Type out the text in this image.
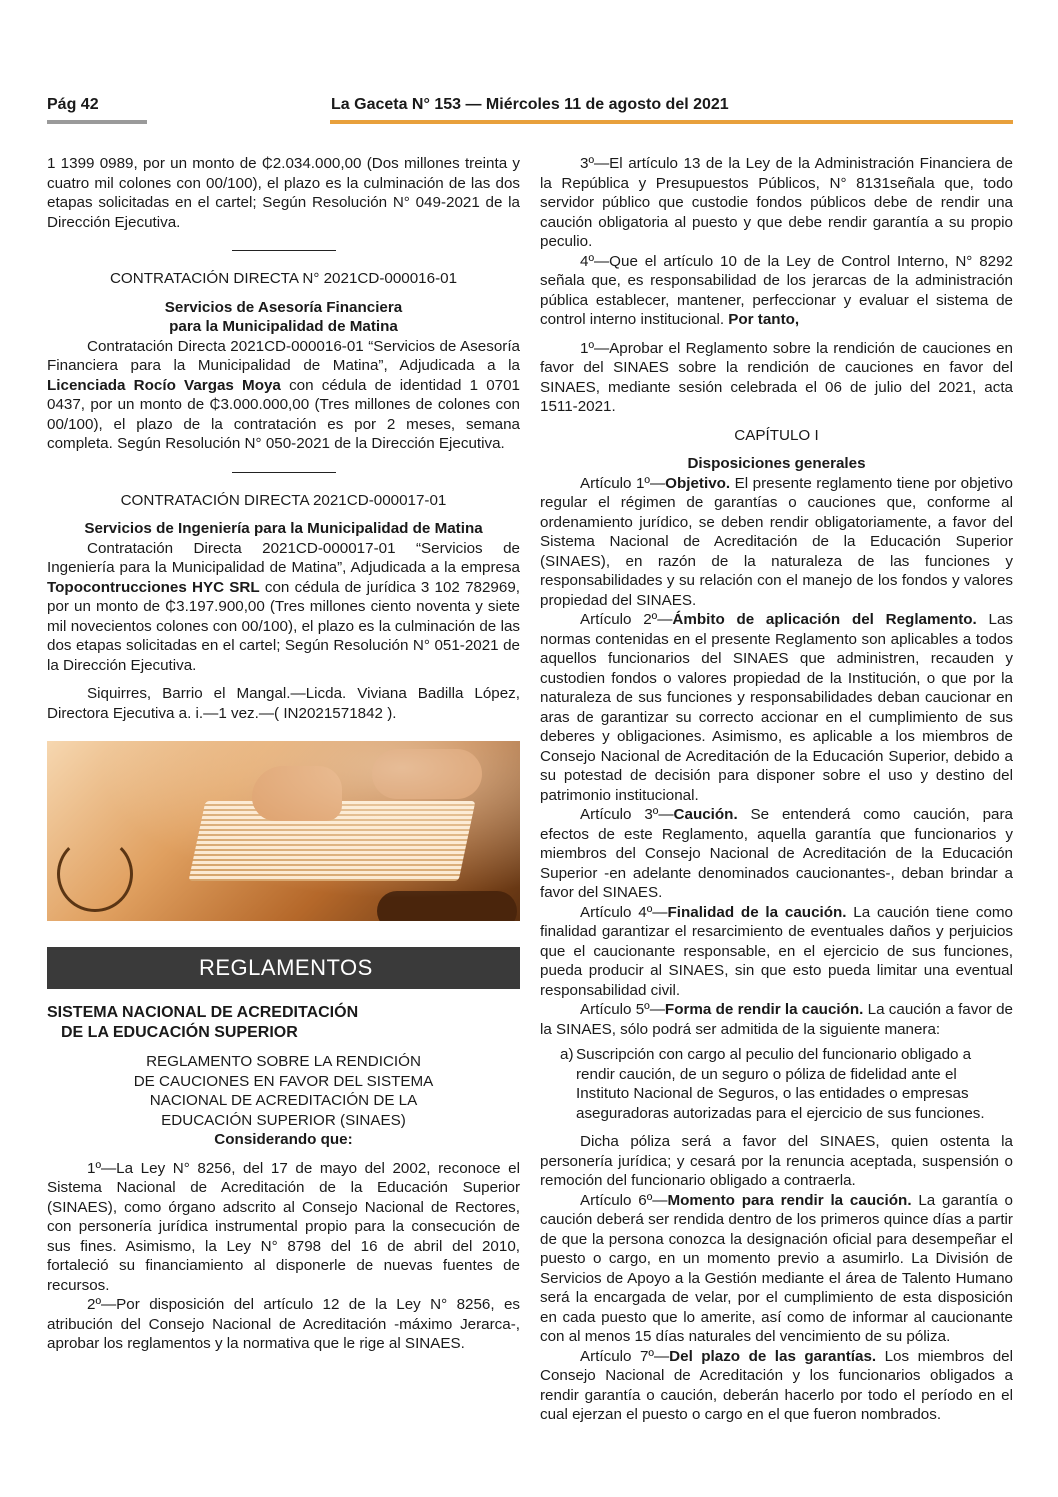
Pág 42	La Gaceta N° 153 — Miércoles 11 de agosto del 2021

1 1399 0989, por un monto de ₵2.034.000,00 (Dos millones treinta y cuatro mil colones con 00/100), el plazo es la culminación de las dos etapas solicitadas en el cartel; Según Resolución N° 049-2021 de la Dirección Ejecutiva.

CONTRATACIÓN DIRECTA N° 2021CD-000016-01

Servicios de Asesoría Financiera

para la Municipalidad de Matina

Contratación Directa 2021CD-000016-01 “Servicios de Asesoría Financiera para la Municipalidad de Matina”, Adjudicada a la Licenciada Rocío Vargas Moya con cédula de identidad 1 0701 0437, por un monto de ₵3.000.000,00 (Tres millones de colones con 00/100), el plazo de la contratación es por 2 meses, semana completa. Según Resolución N° 050-2021 de la Dirección Ejecutiva.

CONTRATACIÓN DIRECTA 2021CD-000017-01

Servicios de Ingeniería para la Municipalidad de Matina

Contratación Directa 2021CD-000017-01 “Servicios de Ingeniería para la Municipalidad de Matina”, Adjudicada a la empresa Topocontrucciones HYC SRL con cédula de jurídica 3 102 782969, por un monto de ₵3.197.900,00 (Tres millones ciento noventa y siete mil novecientos colones con 00/100), el plazo es la culminación de las dos etapas solicitadas en el cartel; Según Resolución N° 051-2021 de la Dirección Ejecutiva.

Siquirres, Barrio el Mangal.—Licda. Viviana Badilla López, Directora Ejecutiva a. i.—1 vez.—( IN2021571842 ).

REGLAMENTOS
SISTEMA NACIONAL DE ACREDITACIÓN
DE LA EDUCACIÓN SUPERIOR

REGLAMENTO SOBRE LA RENDICIÓN

DE CAUCIONES EN FAVOR DEL SISTEMA

NACIONAL DE ACREDITACIÓN DE LA

EDUCACIÓN SUPERIOR (SINAES)

Considerando que:

1º—La Ley N° 8256, del 17 de mayo del 2002, reconoce el Sistema Nacional de Acreditación de la Educación Superior (SINAES), como órgano adscrito al Consejo Nacional de Rectores, con personería jurídica instrumental propio para la consecución de sus fines. Asimismo, la Ley N° 8798 del 16 de abril del 2010, fortaleció su financiamiento al disponerle de nuevas fuentes de recursos.

2º—Por disposición del artículo 12 de la Ley N° 8256, es atribución del Consejo Nacional de Acreditación -máximo Jerarca-, aprobar los reglamentos y la normativa que le rige al SINAES.

3º—El artículo 13 de la Ley de la Administración Financiera de la República y Presupuestos Públicos, N° 8131señala que, todo servidor público que custodie fondos públicos debe de rendir una caución obligatoria al puesto y que debe rendir garantía a su propio peculio.

4º—Que el artículo 10 de la Ley de Control Interno, N° 8292 señala que, es responsabilidad de los jerarcas de la administración pública establecer, mantener, perfeccionar y evaluar el sistema de control interno institucional. Por tanto,

1º—Aprobar el Reglamento sobre la rendición de cauciones en favor del SINAES sobre la rendición de cauciones en favor del SINAES, mediante sesión celebrada el 06 de julio del 2021, acta 1511-2021.

CAPÍTULO I

Disposiciones generales

Artículo 1º—Objetivo. El presente reglamento tiene por objetivo regular el régimen de garantías o cauciones que, conforme al ordenamiento jurídico, se deben rendir obligatoriamente, a favor del Sistema Nacional de Acreditación de la Educación Superior (SINAES), en razón de la naturaleza de las funciones y responsabilidades y su relación con el manejo de los fondos y valores propiedad del SINAES.

Artículo 2º—Ámbito de aplicación del Reglamento. Las normas contenidas en el presente Reglamento son aplicables a todos aquellos funcionarios del SINAES que administren, recauden y custodien fondos o valores propiedad de la Institución, o que por la naturaleza de sus funciones y responsabilidades deban caucionar en aras de garantizar su correcto accionar en el cumplimiento de sus deberes y obligaciones. Asimismo, es aplicable a los miembros de Consejo Nacional de Acreditación de la Educación Superior, debido a su potestad de decisión para disponer sobre el uso y destino del patrimonio institucional.

Artículo 3º—Caución. Se entenderá como caución, para efectos de este Reglamento, aquella garantía que funcionarios y miembros del Consejo Nacional de Acreditación de la Educación Superior -en adelante denominados caucionantes-, deban brindar a favor del SINAES.

Artículo 4º—Finalidad de la caución. La caución tiene como finalidad garantizar el resarcimiento de eventuales daños y perjuicios que el caucionante responsable, en el ejercicio de sus funciones, pueda producir al SINAES, sin que esto pueda limitar una eventual responsabilidad civil.

Artículo 5º—Forma de rendir la caución. La caución a favor de la SINAES, sólo podrá ser admitida de la siguiente manera:

a) Suscripción con cargo al peculio del funcionario obligado a rendir caución, de un seguro o póliza de fidelidad ante el Instituto Nacional de Seguros, o las entidades o empresas aseguradoras autorizadas para el ejercicio de sus funciones.

Dicha póliza será a favor del SINAES, quien ostenta la personería jurídica; y cesará por la renuncia aceptada, suspensión o remoción del funcionario obligado a contraerla.

Artículo 6º—Momento para rendir la caución. La garantía o caución deberá ser rendida dentro de los primeros quince días a partir de que la persona conozca la designación oficial para desempeñar el puesto o cargo, en un momento previo a asumirlo. La División de Servicios de Apoyo a la Gestión mediante el área de Talento Humano será la encargada de velar, por el cumplimiento de esta disposición en cada puesto que lo amerite, así como de informar al caucionante con al menos 15 días naturales del vencimiento de su póliza.

Artículo 7º—Del plazo de las garantías. Los miembros del Consejo Nacional de Acreditación y los funcionarios obligados a rendir garantía o caución, deberán hacerlo por todo el período en el cual ejerzan el puesto o cargo en el que fueron nombrados.
